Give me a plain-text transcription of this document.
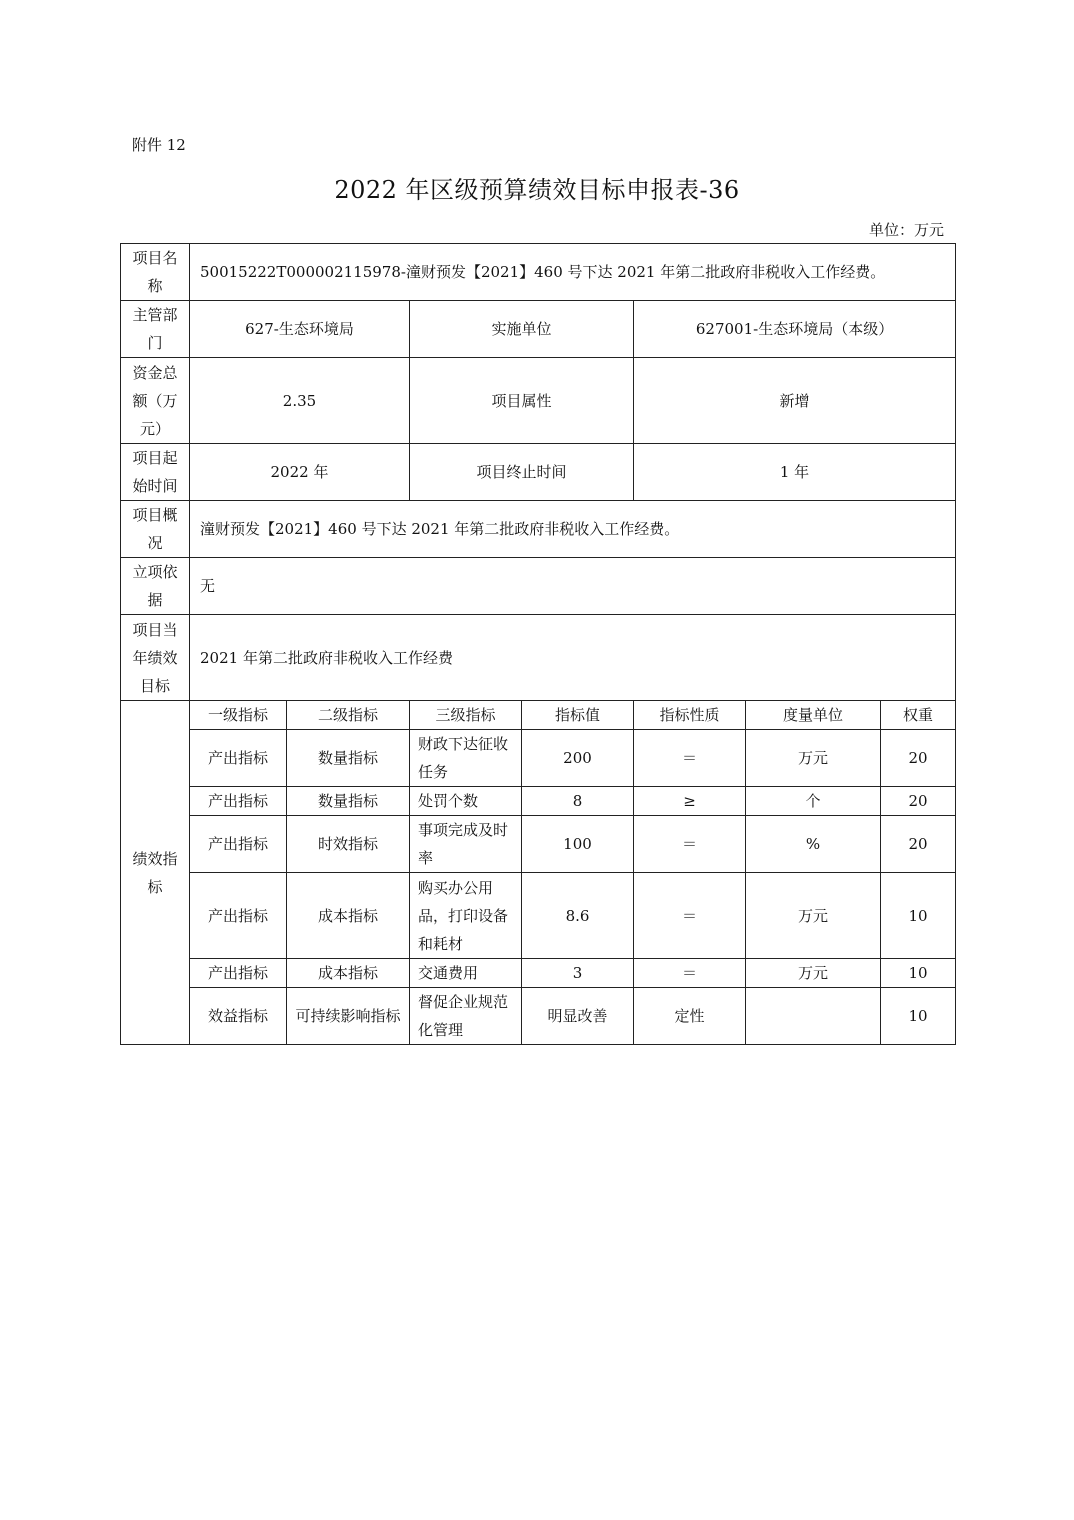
附件 12
2022 年区级预算绩效目标申报表-36
单位：万元
项目名称	50015222T000002115978-潼财预发【2021】460 号下达 2021 年第二批政府非税收入工作经费。						
主管部门	627-生态环境局		实施单位		627001-生态环境局（本级）		
资金总额（万元）	2.35		项目属性		新增		
项目起始时间	2022 年		项目终止时间		1 年		
项目概况	潼财预发【2021】460 号下达 2021 年第二批政府非税收入工作经费。						
立项依据	无						
项目当年绩效目标	2021 年第二批政府非税收入工作经费						
绩效指标	一级指标	二级指标	三级指标	指标值	指标性质	度量单位	权重
	产出指标	数量指标	财政下达征收任务	200	＝	万元	20
	产出指标	数量指标	处罚个数	8	≥	个	20
	产出指标	时效指标	事项完成及时率	100	＝	%	20
	产出指标	成本指标	购买办公用品，打印设备和耗材	8.6	＝	万元	10
	产出指标	成本指标	交通费用	3	＝	万元	10
	效益指标	可持续影响指标	督促企业规范化管理	明显改善	定性		10
